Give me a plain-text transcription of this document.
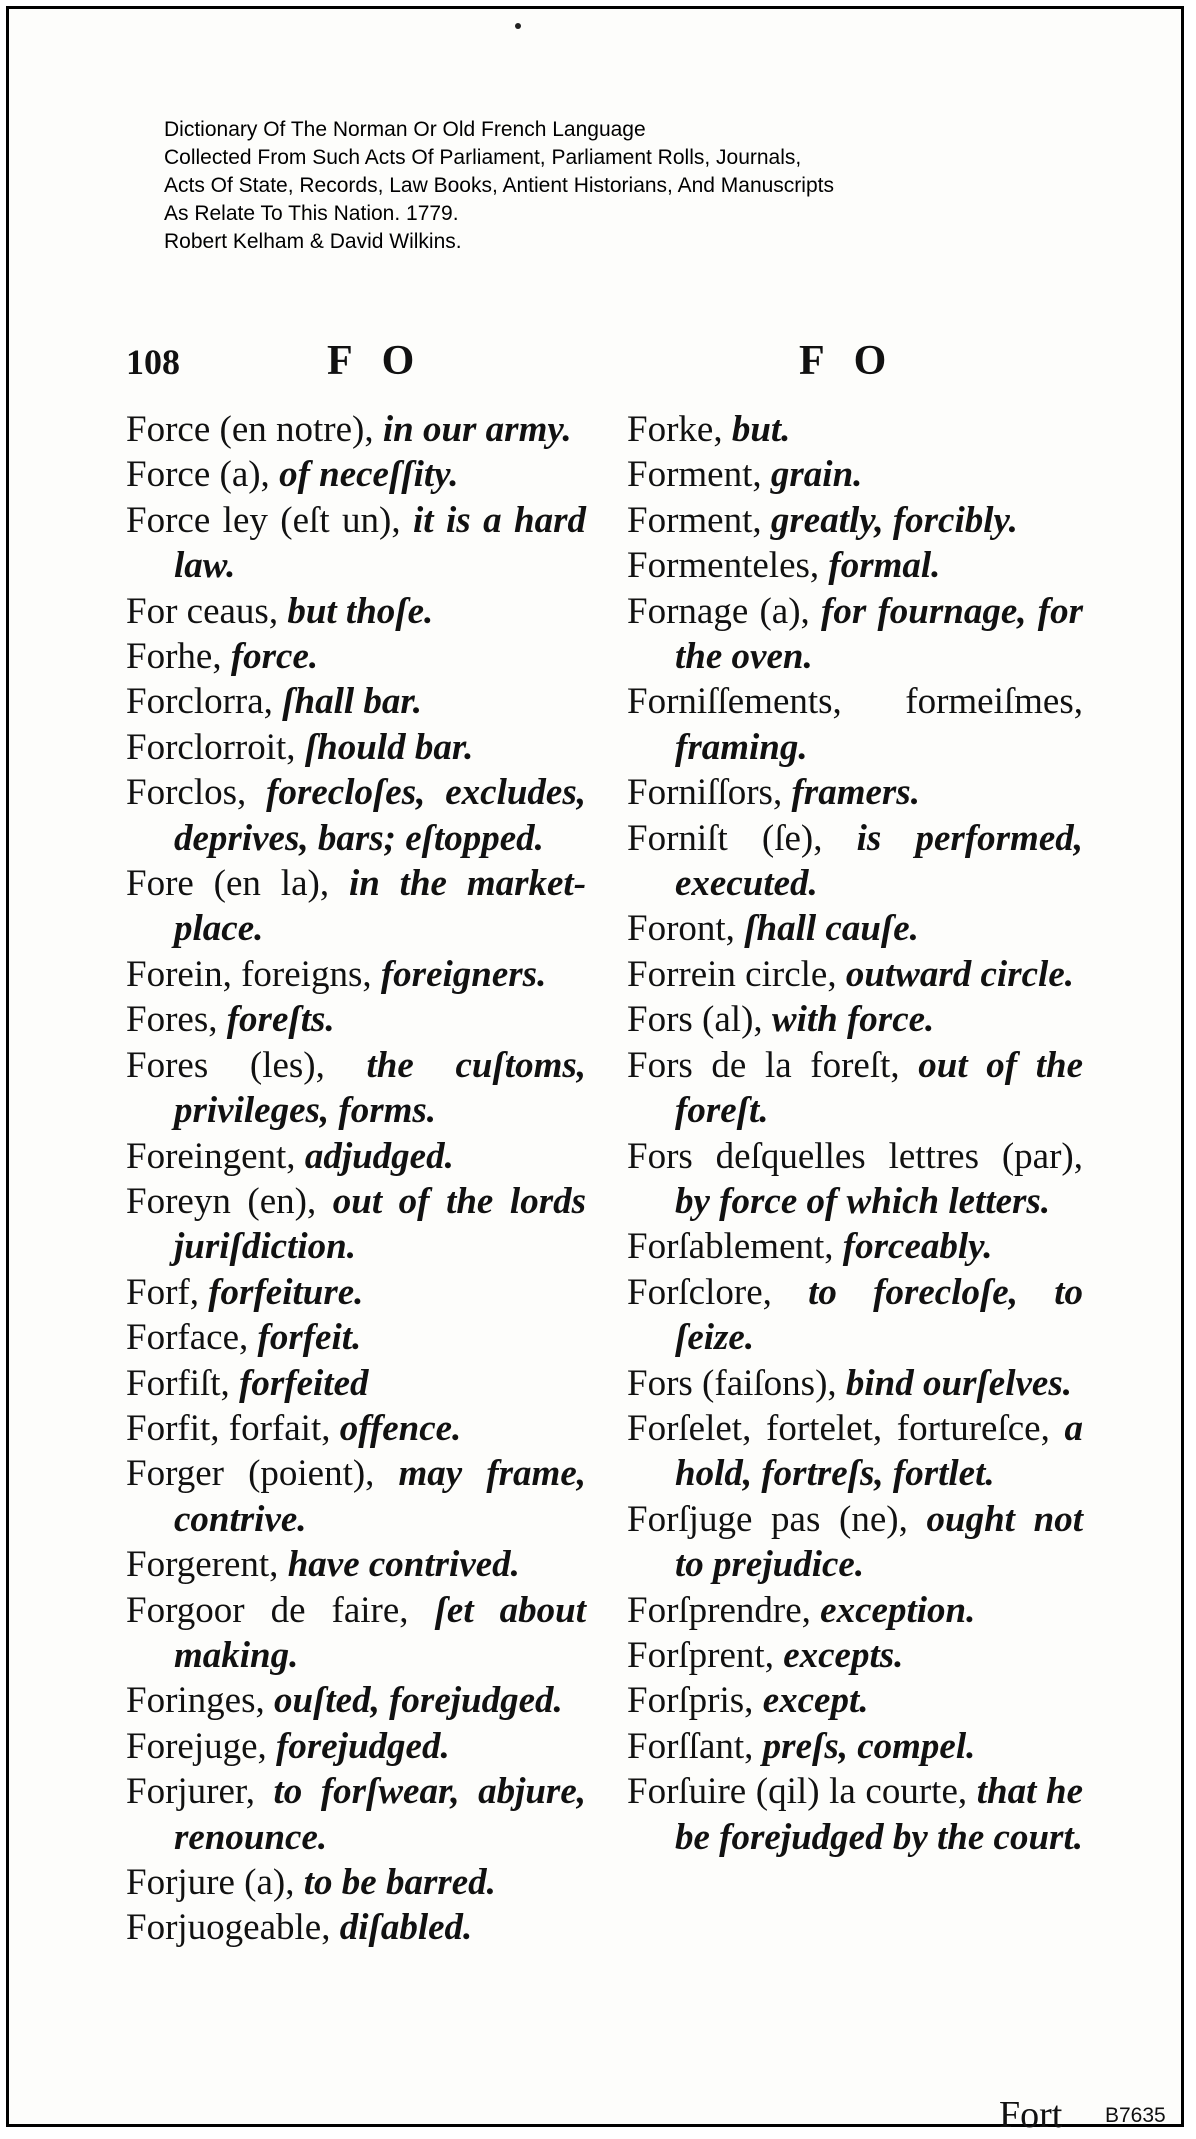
Dictionary Of The Norman Or Old French Language
Collected From Such Acts Of Parliament, Parliament Rolls, Journals,
Acts Of State, Records, Law Books, Antient Historians, And Manuscripts
As Relate To This Nation. 1779.
Robert Kelham & David Wilkins.
108	F O	F O
Force (en notre), in our army.
Force (a), of neceſſity.
Force ley (eſt un), it is a hard law.
For ceaus, but thoſe.
Forhe, force.
Forclorra, ſhall bar.
Forclorroit, ſhould bar.
Forclos, forecloſes, excludes, deprives, bars; eſtopped.
Fore (en la), in the market-place.
Forein, foreigns, foreigners.
Fores, foreſts.
Fores (les), the cuſtoms, privileges, forms.
Foreingent, adjudged.
Foreyn (en), out of the lords juriſdiction.
Forf, forfeiture.
Forface, forfeit.
Forfiſt, forfeited
Forfit, forfait, offence.
Forger (poient), may frame, contrive.
Forgerent, have contrived.
Forgoor de faire, ſet about making.
Foringes, ouſted, forejudged.
Forejuge, forejudged.
Forjurer, to forſwear, abjure, renounce.
Forjure (a), to be barred.
Forjuogeable, diſabled.
Forke, but.
Forment, grain.
Forment, greatly, forcibly.
Formenteles, formal.
Fornage (a), for fournage, for the oven.
Forniſſements, formeiſmes, framing.
Forniſſors, framers.
Forniſt (ſe), is performed, executed.
Foront, ſhall cauſe.
Forrein circle, outward circle.
Fors (al), with force.
Fors de la foreſt, out of the foreſt.
Fors deſquelles lettres (par), by force of which letters.
Forſablement, forceably.
Forſclore, to forecloſe, to ſeize.
Fors (faiſons), bind ourſelves.
Forſelet, fortelet, fortureſce, a hold, fortreſs, fortlet.
Forſjuge pas (ne), ought not to prejudice.
Forſprendre, exception.
Forſprent, excepts.
Forſpris, except.
Forſſant, preſs, compel.
Forſuire (qil) la courte, that he be forejudged by the court.
Fort B7635
